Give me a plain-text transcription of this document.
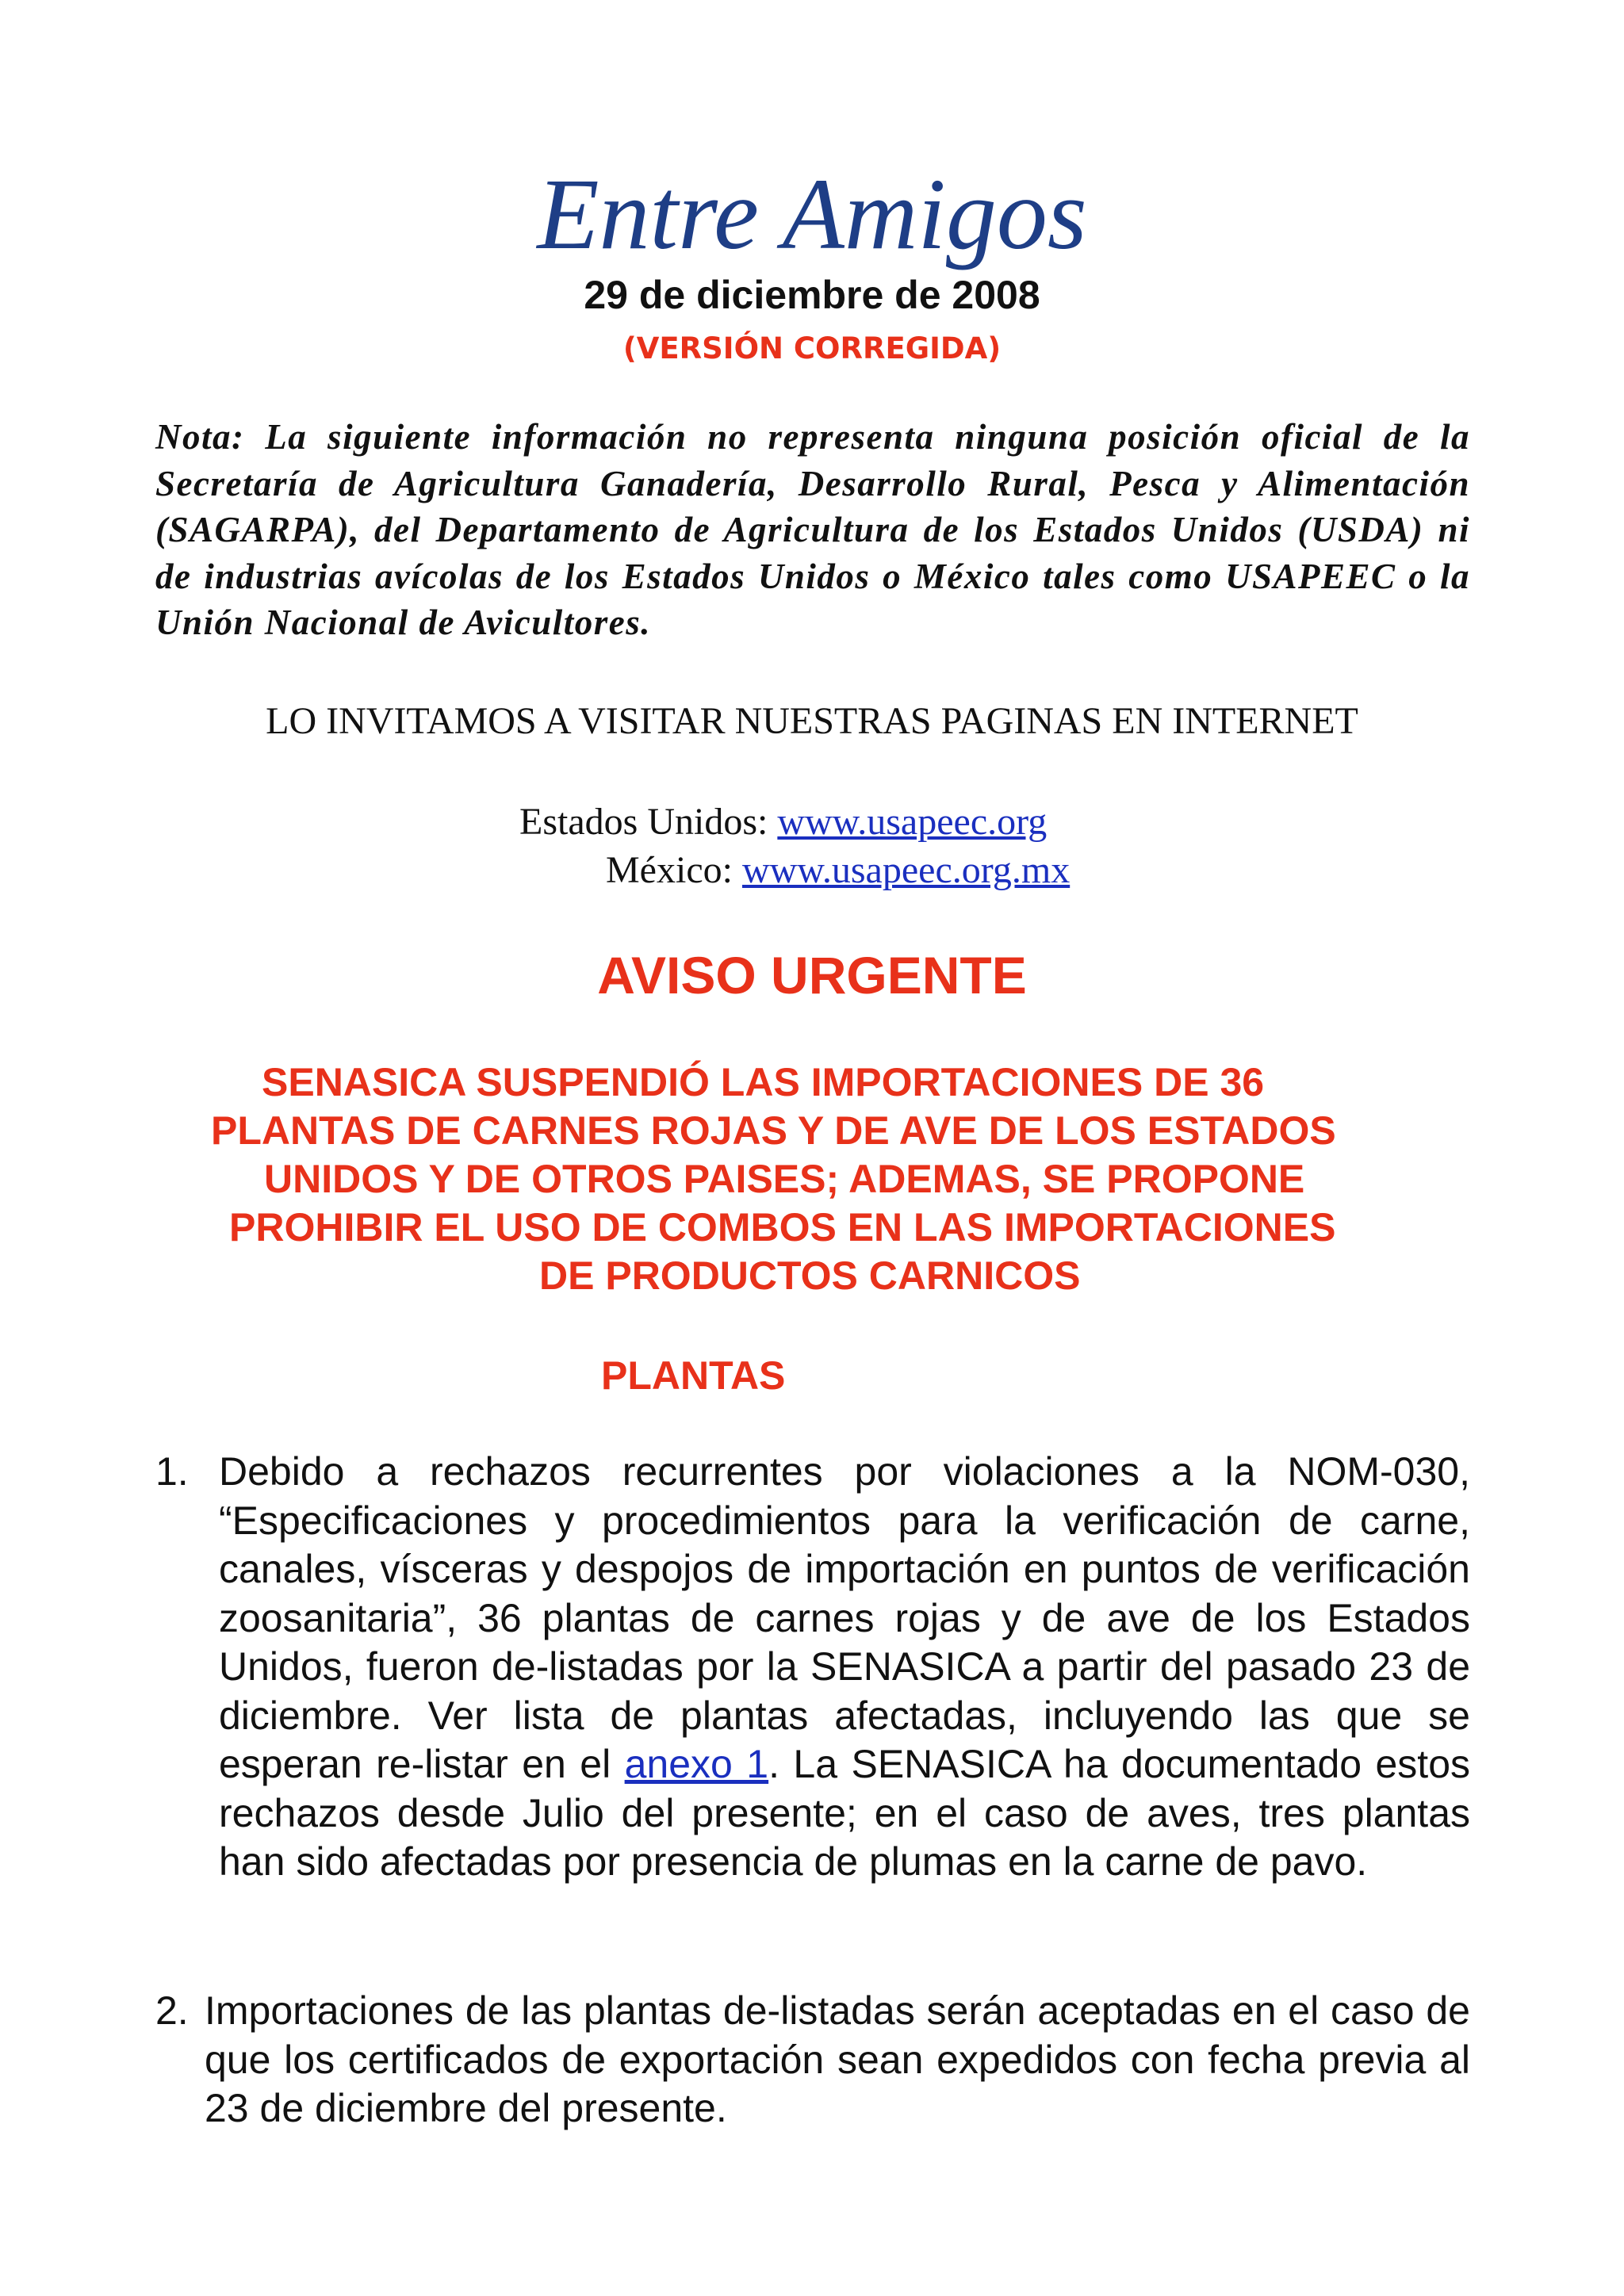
Entre Amigos
29 de diciembre de 2008
(VERSIÓN CORREGIDA)
Nota: La siguiente información no representa ninguna posición oficial de la Secretaría de Agricultura Ganadería, Desarrollo Rural, Pesca y Alimentación (SAGARPA), del Departamento de Agricultura de los Estados Unidos (USDA) ni de industrias avícolas de los Estados Unidos o México tales como USAPEEC o la Unión Nacional de Avicultores.
LO INVITAMOS A VISITAR NUESTRAS PAGINAS EN INTERNET
Estados Unidos: www.usapeec.org
México: www.usapeec.org.mx
AVISO URGENTE
SENASICA SUSPENDIÓ LAS IMPORTACIONES DE 36
PLANTAS DE CARNES ROJAS Y DE AVE DE LOS ESTADOS
UNIDOS Y DE OTROS PAISES; ADEMAS, SE PROPONE
PROHIBIR EL USO DE COMBOS EN LAS IMPORTACIONES
DE PRODUCTOS CARNICOS
PLANTAS
1. Debido a rechazos recurrentes por violaciones a la NOM-030, “Especificaciones y procedimientos para la verificación de carne, canales, vísceras y despojos de importación en puntos de verificación zoosanitaria”, 36 plantas de carnes rojas y de ave de los Estados Unidos, fueron de-listadas por la SENASICA a partir del pasado 23 de diciembre. Ver lista de plantas afectadas, incluyendo las que se esperan re-listar en el anexo 1. La SENASICA ha documentado estos rechazos desde Julio del presente; en el caso de aves, tres plantas han sido afectadas por presencia de plumas en la carne de pavo.
2. Importaciones de las plantas de-listadas serán aceptadas en el caso de que los certificados de exportación sean expedidos con fecha previa al 23 de diciembre del presente.
